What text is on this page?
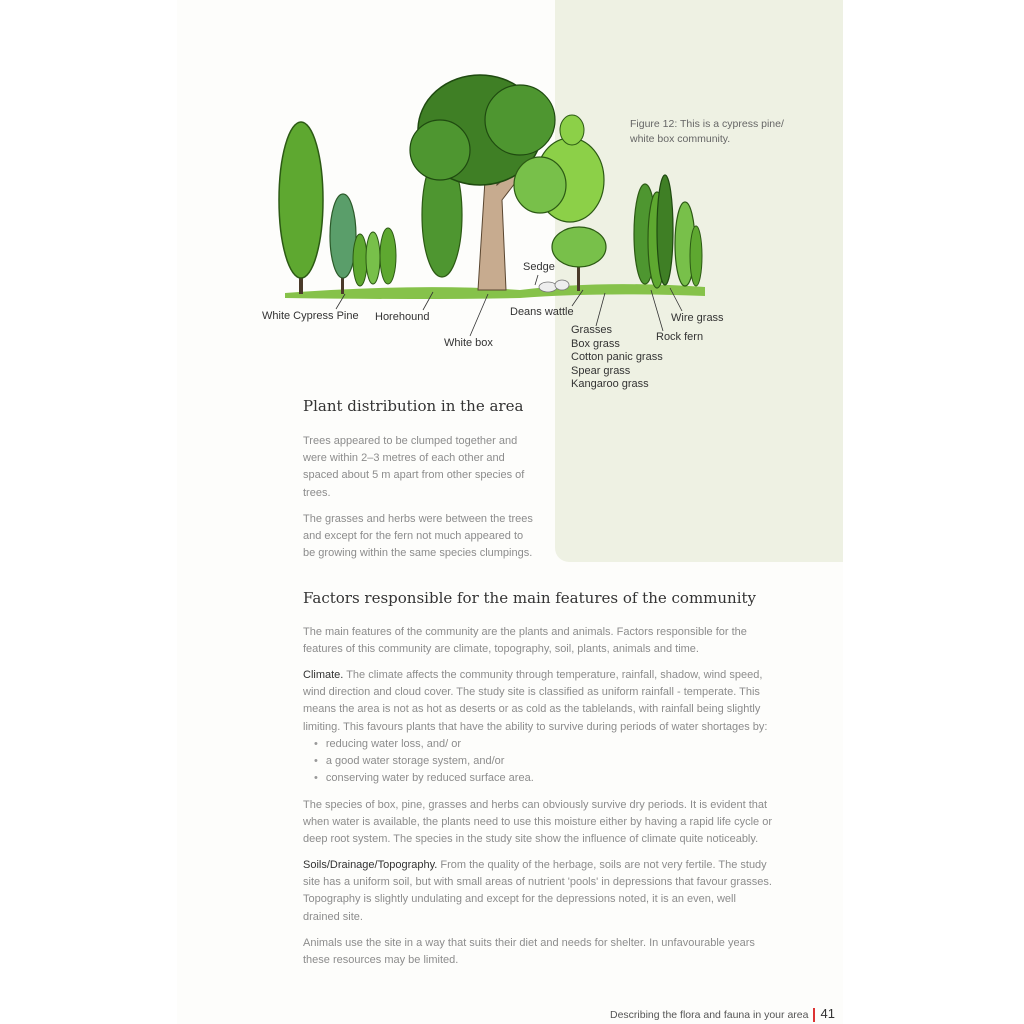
Figure 12: This is a cypress pine/ white box community.
White Cypress Pine Horehound
White box
Sedge
Deans wattle	Wire grass
Rock fern
Grasses
Box grass
Cotton panic grass
Spear grass
Kangaroo grass
Plant distribution in the area

Trees appeared to be clumped together and were within 2–3 metres of each other and spaced about 5 m apart from other species of trees.

The grasses and herbs were between the trees and except for the fern not much appeared to be growing within the same species clumpings.

Factors responsible for the main features of the community

The main features of the community are the plants and animals. Factors responsible for the features of this community are climate, topography, soil, plants, animals and time.

Climate. The climate affects the community through temperature, rainfall, shadow, wind speed, wind direction and cloud cover. The study site is classified as uniform rainfall - temperate. This means the area is not as hot as deserts or as cold as the tablelands, with rainfall being slightly limiting. This favours plants that have the ability to survive during periods of water shortages by:

• reducing water loss, and/ or
• a good water storage system, and/or
• conserving water by reduced surface area.

The species of box, pine, grasses and herbs can obviously survive dry periods. It is evident that when water is available, the plants need to use this moisture either by having a rapid life cycle or deep root system. The species in the study site show the influence of climate quite noticeably.

Soils/Drainage/Topography. From the quality of the herbage, soils are not very fertile. The study site has a uniform soil, but with small areas of nutrient 'pools' in depressions that favour grasses. Topography is slightly undulating and except for the depressions noted, it is an even, well drained site.

Animals use the site in a way that suits their diet and needs for shelter. In unfavourable years these resources may be limited.

Describing the flora and fauna in your area 41
